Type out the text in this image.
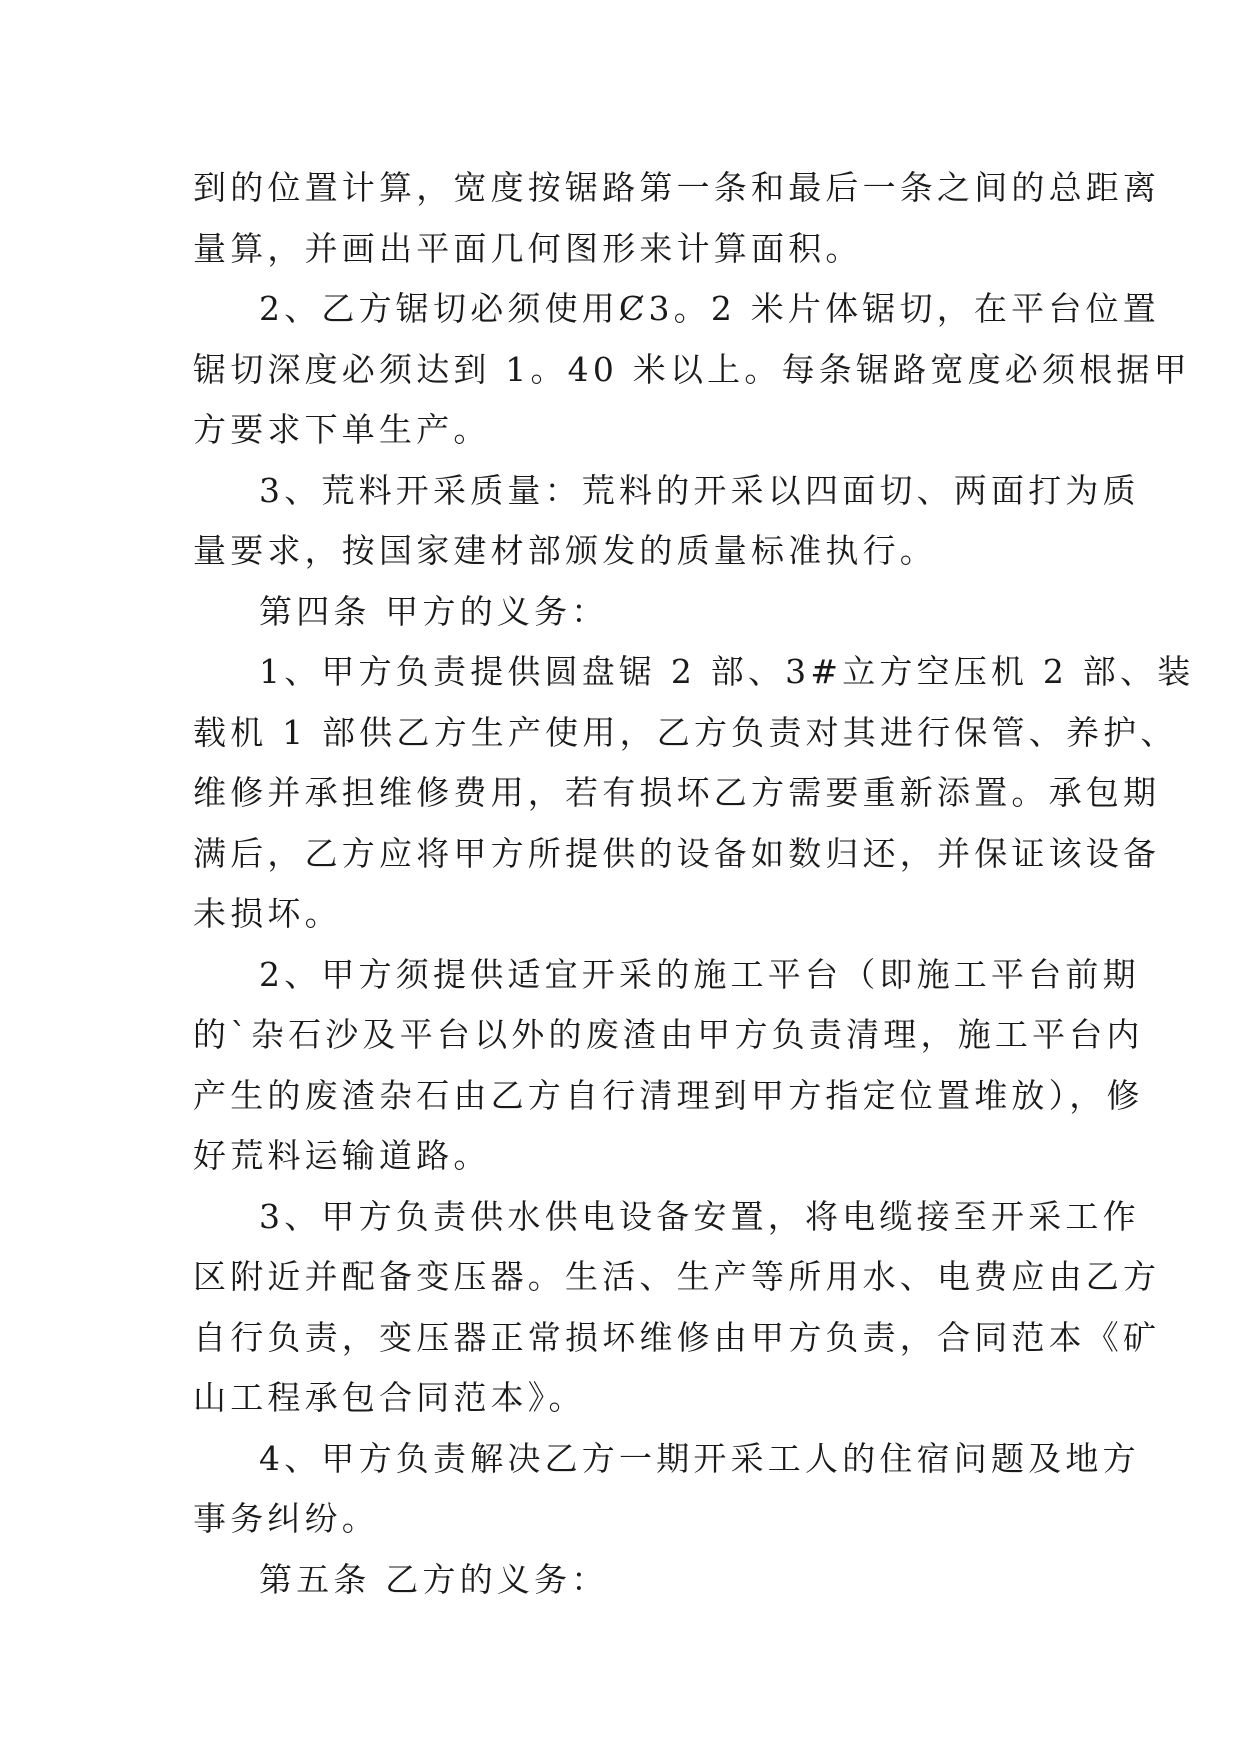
到的位置计算，宽度按锯路第一条和最后一条之间的总距离
量算，并画出平面几何图形来计算面积。
2、乙方锯切必须使用Ȼ3。2 米片体锯切，在平台位置
锯切深度必须达到 1。40 米以上。每条锯路宽度必须根据甲
方要求下单生产。
3、荒料开采质量：荒料的开采以四面切、两面打为质
量要求，按国家建材部颁发的质量标准执行。
第四条 甲方的义务：
1、甲方负责提供圆盘锯 2 部、3#立方空压机 2 部、装
载机 1 部供乙方生产使用，乙方负责对其进行保管、养护、
维修并承担维修费用，若有损坏乙方需要重新添置。承包期
满后，乙方应将甲方所提供的设备如数归还，并保证该设备
未损坏。
2、甲方须提供适宜开采的施工平台（即施工平台前期
的`杂石沙及平台以外的废渣由甲方负责清理，施工平台内
产生的废渣杂石由乙方自行清理到甲方指定位置堆放），修
好荒料运输道路。
3、甲方负责供水供电设备安置，将电缆接至开采工作
区附近并配备变压器。生活、生产等所用水、电费应由乙方
自行负责，变压器正常损坏维修由甲方负责，合同范本《矿
山工程承包合同范本》。
4、甲方负责解决乙方一期开采工人的住宿问题及地方
事务纠纷。
第五条 乙方的义务：
